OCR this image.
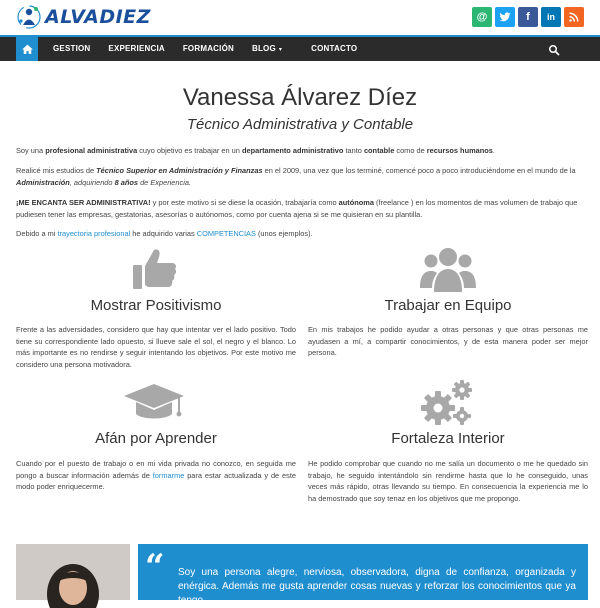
ALVADIEZ	@	f in
GESTION	EXPERIENCIA	FORMACIÓN	BLOG ▾	CONTACTO
Vanessa Álvarez Díez
Técnico Administrativa y Contable
Soy una profesional administrativa cuyo objetivo es trabajar en un departamento administrativo tanto contable como de recursos humanos.
Realicé mis estudios de Técnico Superior en Administración y Finanzas en el 2009, una vez que los terminé, comencé poco a poco introduciéndome en el mundo de la Administración, adquiriendo 8 años de Experiencia.
¡ME ENCANTA SER ADMINISTRATIVA! y por este motivo si se diese la ocasión, trabajaría como autónoma (freelance ) en los momentos de mas volumen de trabajo que pudiesen tener las empresas, gestatorias, asesorías o autónomos, como por cuenta ajena si se me quisieran en su plantilla.
Debido a mi trayectoria profesional he adquirido varias COMPETENCIAS (unos ejemplos).
Mostrar Positivismo
Frente a las adversidades, considero que hay que intentar ver el lado positivo. Todo tiene su correspondiente lado opuesto, si llueve sale el sol, el negro y el blanco. Lo más importante es no rendirse y seguir intentando los objetivos. Por este motivo me considero una persona motivadora.
Trabajar en Equipo
En mis trabajos he podido ayudar a otras personas y que otras personas me ayudasen a mí, a compartir conocimientos, y de esta manera poder ser mejor persona.
Afán por Aprender
Cuando por el puesto de trabajo o en mi vida privada no conozco, en seguida me pongo a buscar información además de formarme para estar actualizada y de este modo poder enriquecerme.
Fortaleza Interior
He podido comprobar que cuando no me salía un documento o me he quedado sin trabajo, he seguido intentándolo sin rendirme hasta que lo he conseguido, unas veces más rápido, otras llevando su tiempo. En consecuencia la experiencia me lo ha demostrado que soy tenaz en los objetivos que me propongo.
“ Soy una persona alegre, nerviosa, observadora, digna de confianza, organizada y enérgica. Además me gusta aprender cosas nuevas y reforzar los conocimientos que ya tengo.
